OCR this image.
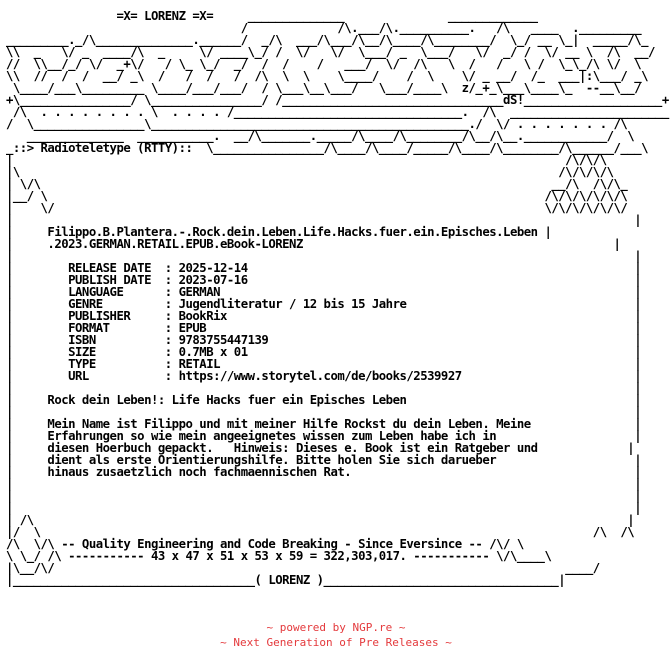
=X= LORENZ =X=     ______________               _____________
/             /\.___/\.__________.   /\   ____  ._________
_________._/\______________.______/  _/\  ___/\___/\__/\____/\________/  \_/ __ \_|  _____/\_
\\  _   \/ _  ____/\  _     \/ ____\_/ /  \/   \/  \___/ _  \___/   \/  _/ /  \/ __ \  /\  __/
//  \\__/_/ \/  _+\/   / \_ \_/  _/  /  /    /   ___/  \/  /\   \  /   /   \ /  \_\_/\ \/  \
\\  //  /  /  __/ _\  /   /  /   /  /\  \  \    \____/    /  \    \/ _ __/  /_  ___|:\___/ _\
\____/___\_________ \____/___/___/  / \___\__\___/   \___/____\  z/_+_\___\____\_  --__\__/
+\________________/ \________________/ /________________________________dS!____________________+
/\  . . . . . . . . \  . . . . /_________________________________.  /\  _______________________
/  \________________\______________________________________________./  \/ . . . . . . . /\
______________  ___________.  __/\_______._____/\____/\________/\__/\__.____________/  \
_::> Radioteletype (RTTY)::  \________________/\____/\____/_____/\____/\________/\______/___\
|                                                                                /\/\/\
|\                                                                              /\/\/\/\
| \/\                                                                          __/\  /\/\_
|__/ \                                                                        /\/\/\/\/\/\
|    \/                                                                       \/\/\/\/\/\/
|                                                                                          |
|     Filippo.B.Plantera.-.Rock.dein.Leben.Life.Hacks.fuer.ein.Episches.Leben |
|     .2023.GERMAN.RETAIL.EPUB.eBook-LORENZ                                             |
|                                                                                          |
|        RELEASE DATE  : 2025-12-14                                                        |
|        PUBLISH DATE  : 2023-07-16                                                        |
|        LANGUAGE      : GERMAN                                                            |
|        GENRE         : Jugendliteratur / 12 bis 15 Jahre                                 |
|        PUBLISHER     : BookRix                                                           |
|        FORMAT        : EPUB                                                              |
|        ISBN          : 9783755447139                                                     |
|        SIZE          : 0.7MB x 01                                                        |
|        TYPE          : RETAIL                                                            |
|        URL           : https://www.storytel.com/de/books/2539927                         |
|                                                                                          |
|     Rock dein Leben!: Life Hacks fuer ein Episches Leben                                 |
|                                                                                          |
|     Mein Name ist Filippo und mit meiner Hilfe Rockst du dein Leben. Meine               |
|     Erfahrungen so wie mein angeeignetes wissen zum Leben habe ich in                    |
|     diesen Hoerbuch gepackt.   Hinweis: Dieses e. Book ist ein Ratgeber und             |
|     dient als erste Orientierungshilfe. Bitte holen Sie sich darueber                    |
|     hinaus zusaetzlich noch fachmaennischen Rat.                                         |
|                                                                                          |
|                                                                                          |
|                                                                                          |
| /\                                                                                      |
|/  \                                                                                /\  /\
/\  \/\ -- Quality Engineering and Code Breaking - Since Eversince -- /\/ \
\ \_/ /\ ----------- 43 x 47 x 51 x 53 x 59 = 322,303,017. ----------- \/\____\
|\__/\/                                                                          ____/
|___________________________________( LORENZ )__________________________________|
~ powered by NGP.re ~
~ Next Generation of Pre Releases ~
